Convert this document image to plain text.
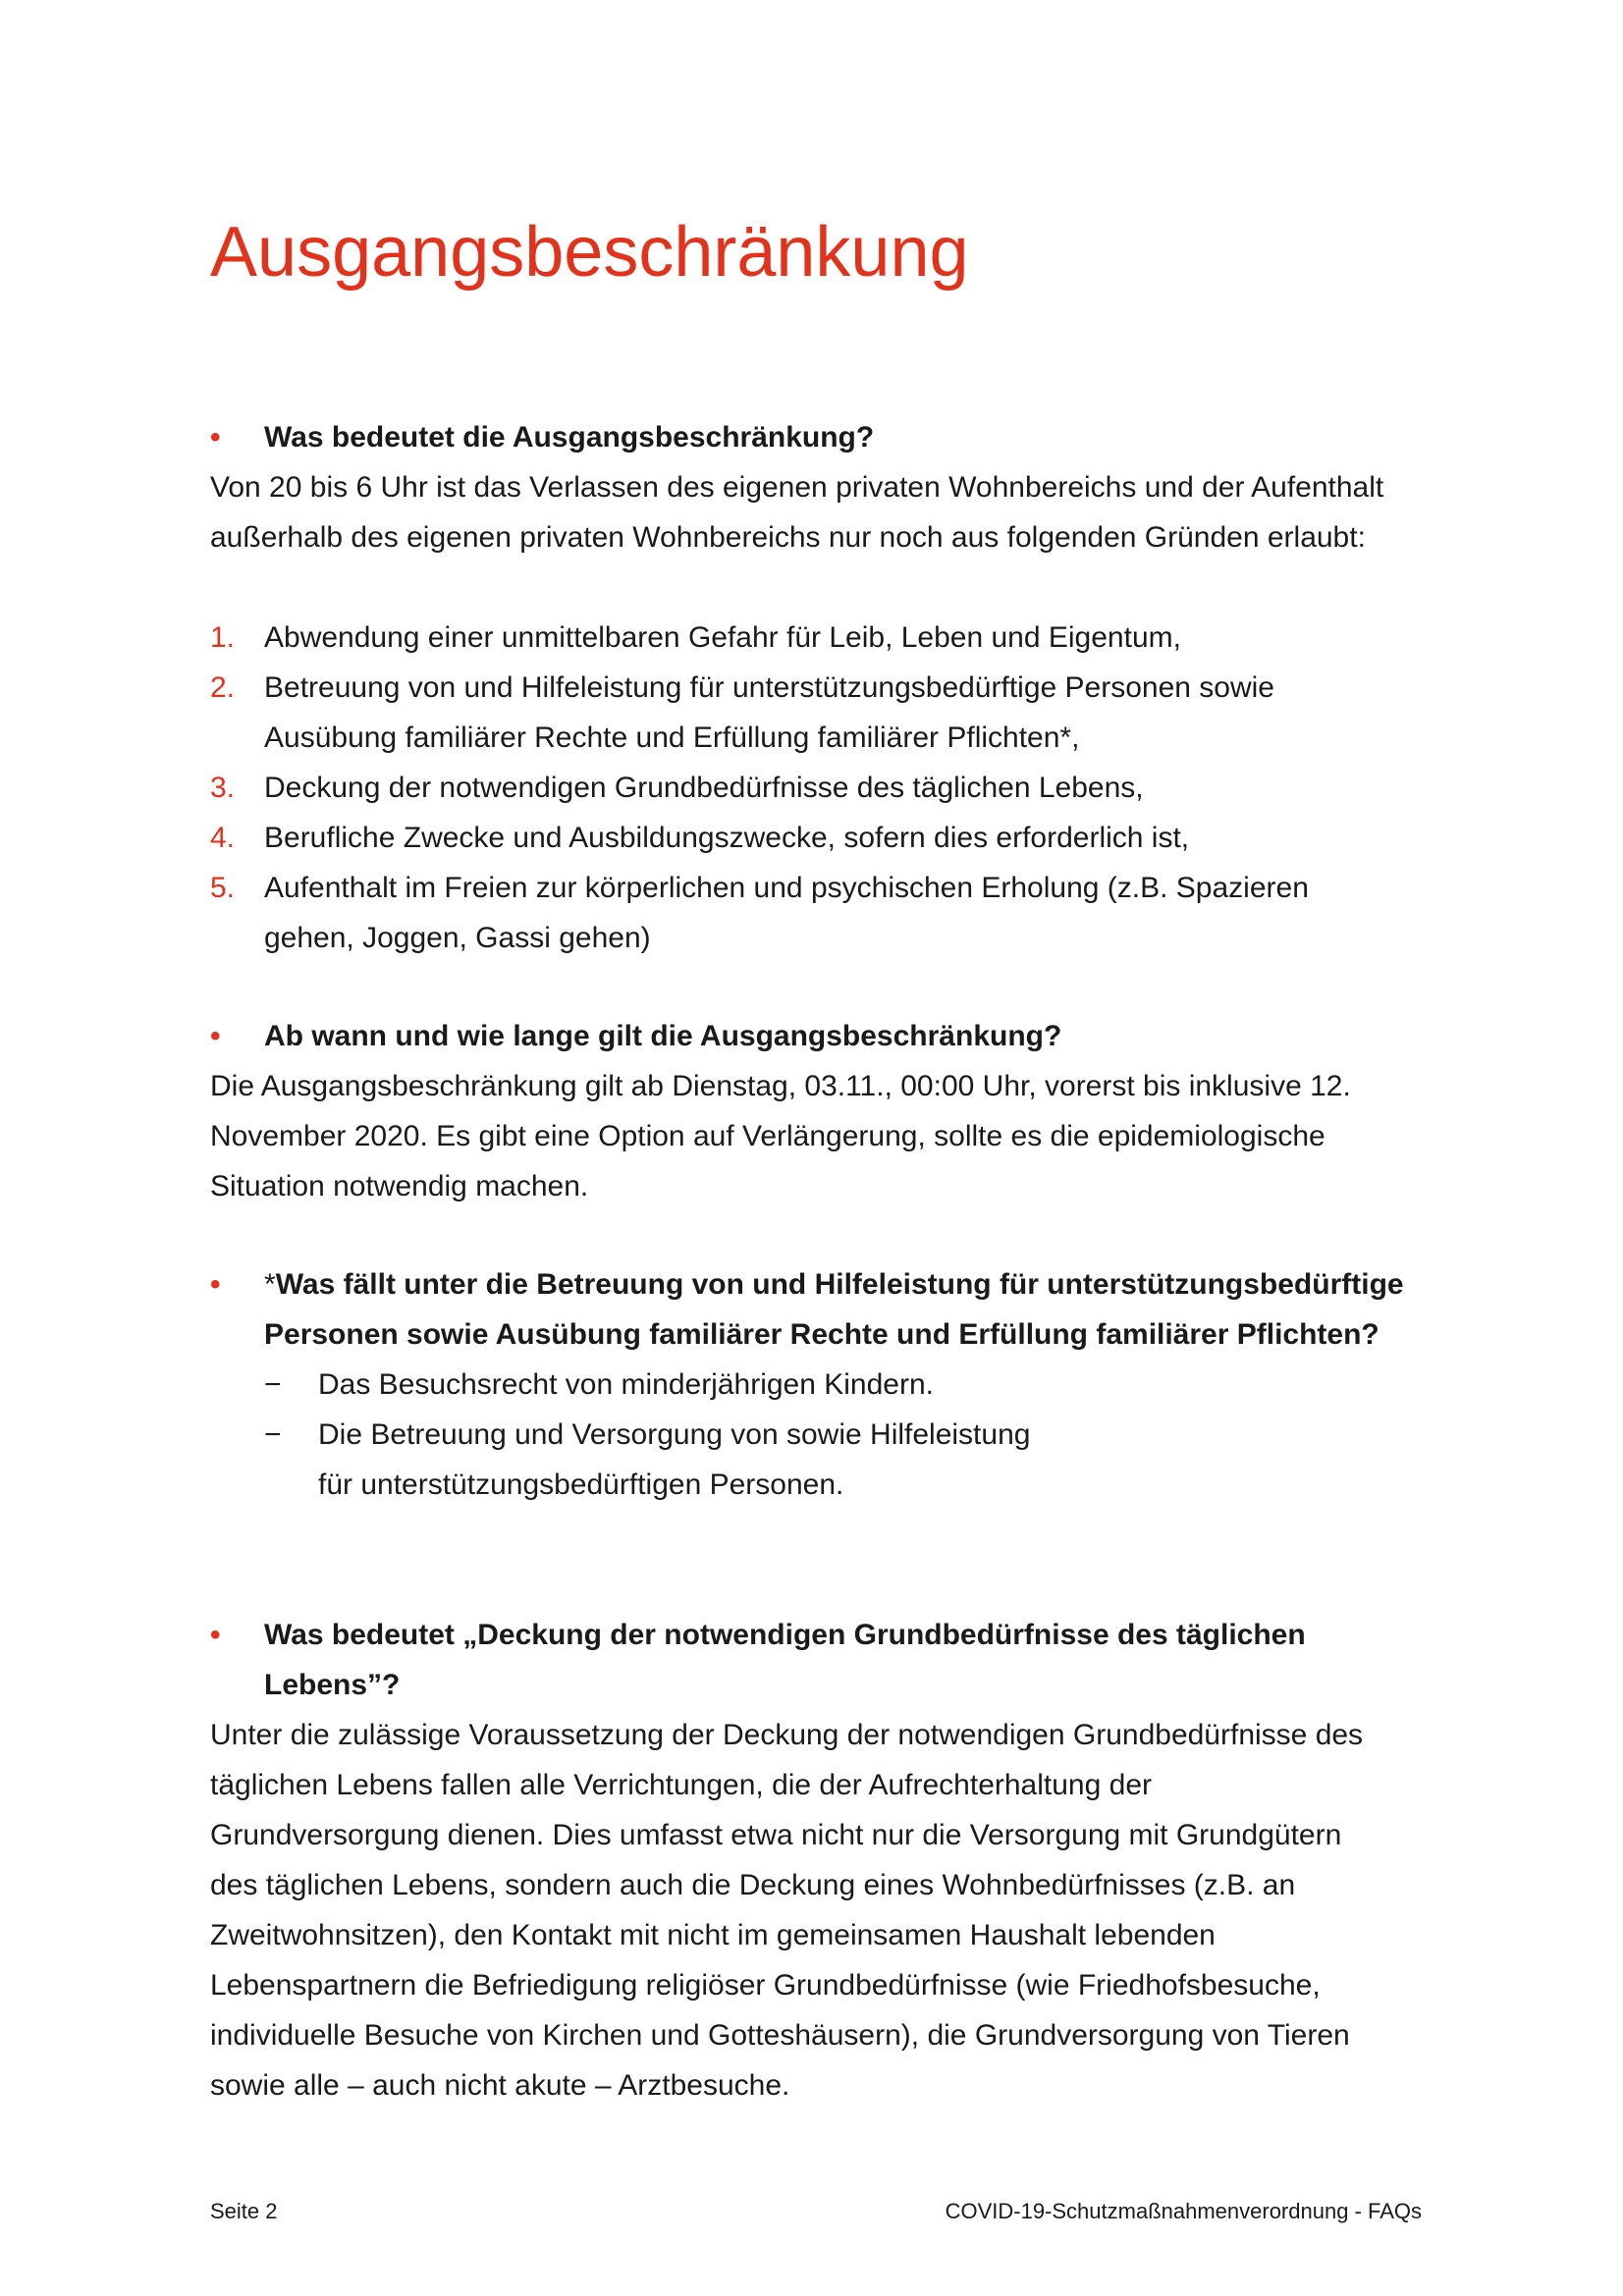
Ausgangsbeschränkung
•	Was bedeutet die Ausgangsbeschränkung?

Von 20 bis 6 Uhr ist das Verlassen des eigenen privaten Wohnbereichs und der Aufenthalt außerhalb des eigenen privaten Wohnbereichs nur noch aus folgenden Gründen erlaubt:

1. Abwendung einer unmittelbaren Gefahr für Leib, Leben und Eigentum,
2. Betreuung von und Hilfeleistung für unterstützungsbedürftige Personen sowie Ausübung familiärer Rechte und Erfüllung familiärer Pflichten*,
3. Deckung der notwendigen Grundbedürfnisse des täglichen Lebens,
4. Berufliche Zwecke und Ausbildungszwecke, sofern dies erforderlich ist,
5. Aufenthalt im Freien zur körperlichen und psychischen Erholung (z.B. Spazieren gehen, Joggen, Gassi gehen)
•	Ab wann und wie lange gilt die Ausgangsbeschränkung?

Die Ausgangsbeschränkung gilt ab Dienstag, 03.11., 00:00 Uhr, vorerst bis inklusive 12. November 2020. Es gibt eine Option auf Verlängerung, sollte es die epidemiologische Situation notwendig machen.

•	*Was fällt unter die Betreuung von und Hilfeleistung für unterstützungsbedürftige Personen sowie Ausübung familiärer Rechte und Erfüllung familiärer Pflichten?
− Das Besuchsrecht von minderjährigen Kindern.
− Die Betreuung und Versorgung von sowie Hilfeleistung für unterstützungsbedürftigen Personen.
•	Was bedeutet „Deckung der notwendigen Grundbedürfnisse des täglichen Lebens”?

Unter die zulässige Voraussetzung der Deckung der notwendigen Grundbedürfnisse des täglichen Lebens fallen alle Verrichtungen, die der Aufrechterhaltung der Grundversorgung dienen. Dies umfasst etwa nicht nur die Versorgung mit Grundgütern des täglichen Lebens, sondern auch die Deckung eines Wohnbedürfnisses (z.B. an Zweitwohnsitzen), den Kontakt mit nicht im gemeinsamen Haushalt lebenden Lebenspartnern die Befriedigung religiöser Grundbedürfnisse (wie Friedhofsbesuche, individuelle Besuche von Kirchen und Gotteshäusern), die Grundversorgung von Tieren sowie alle – auch nicht akute – Arztbesuche.

Seite 2	COVID-19-Schutzmaßnahmenverordnung - FAQs
